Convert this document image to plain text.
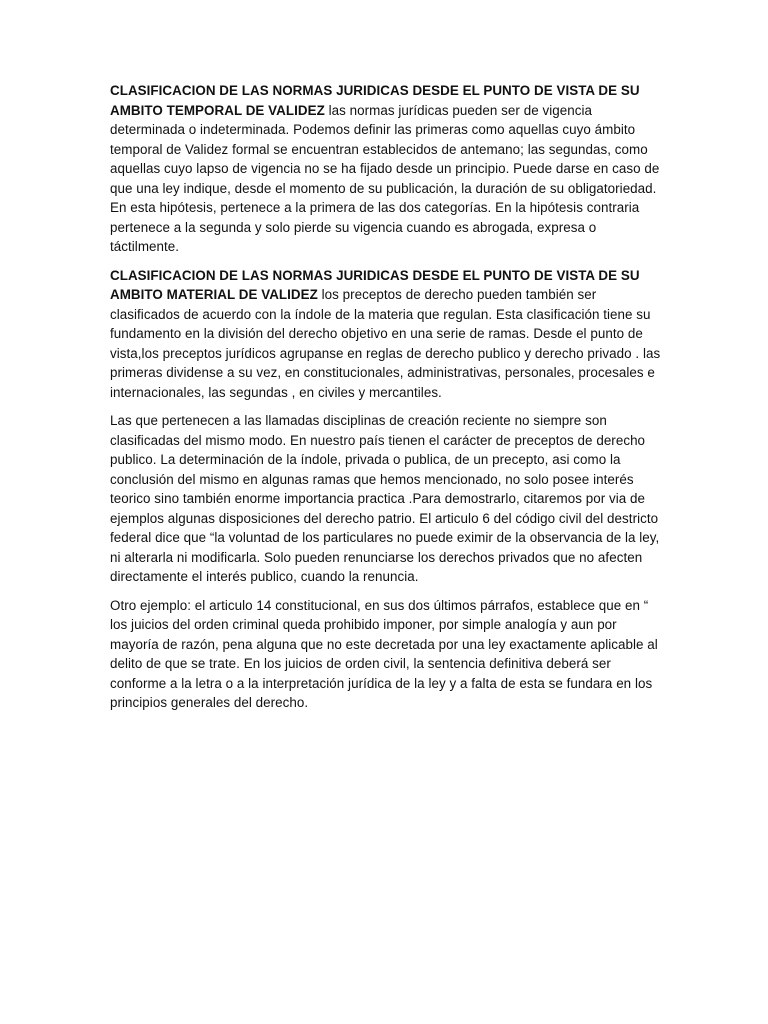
CLASIFICACION DE LAS NORMAS JURIDICAS DESDE EL PUNTO DE VISTA DE SU AMBITO TEMPORAL DE VALIDEZ las normas jurídicas pueden ser de vigencia determinada o indeterminada. Podemos definir las primeras como aquellas cuyo ámbito temporal de Validez formal se encuentran establecidos de antemano; las segundas, como aquellas cuyo lapso de vigencia no se ha fijado desde un principio. Puede darse en caso de que una ley indique, desde el momento de su publicación, la duración de su obligatoriedad. En esta hipótesis, pertenece a la primera de las dos categorías. En la hipótesis contraria pertenece a la segunda y solo pierde su vigencia cuando es abrogada, expresa o táctilmente.

CLASIFICACION DE LAS NORMAS JURIDICAS DESDE EL PUNTO DE VISTA DE SU AMBITO MATERIAL DE VALIDEZ los preceptos de derecho pueden también ser clasificados de acuerdo con la índole de la materia que regulan. Esta clasificación tiene su fundamento en la división del derecho objetivo en una serie de ramas. Desde el punto de vista,los preceptos jurídicos agrupanse en reglas de derecho publico y derecho privado . las primeras dividense a su vez, en constitucionales, administrativas, personales, procesales e internacionales, las segundas , en civiles y mercantiles.

Las que pertenecen a las llamadas disciplinas de creación reciente no siempre son clasificadas del mismo modo. En nuestro país tienen el carácter de preceptos de derecho publico. La determinación de la índole, privada o publica, de un precepto, asi como la conclusión del mismo en algunas ramas que hemos mencionado, no solo posee interés teorico sino también enorme importancia practica .Para demostrarlo, citaremos por via de ejemplos algunas disposiciones del derecho patrio. El articulo 6 del código civil del destricto federal dice que “la voluntad de los particulares no puede eximir de la observancia de la ley, ni alterarla ni modificarla. Solo pueden renunciarse los derechos privados que no afecten directamente el interés publico, cuando la renuncia.

Otro ejemplo: el articulo 14 constitucional, en sus dos últimos párrafos, establece que en “ los juicios del orden criminal queda prohibido imponer, por simple analogía y aun por mayoría de razón, pena alguna que no este decretada por una ley exactamente aplicable al delito de que se trate. En los juicios de orden civil, la sentencia definitiva deberá ser conforme a la letra o a la interpretación jurídica de la ley y a falta de esta se fundara en los principios generales del derecho.
